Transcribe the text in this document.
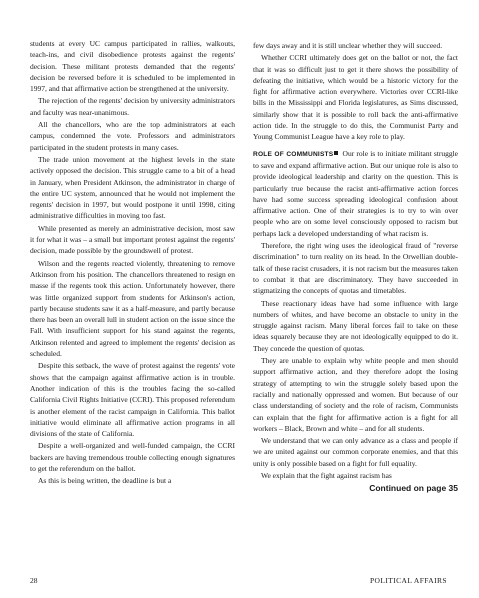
students at every UC campus participated in rallies, walkouts, teach-ins, and civil disobedience protests against the regents' decision. These militant protests demanded that the regents' decision be reversed before it is scheduled to be implemented in 1997, and that affirmative action be strengthened at the university.

The rejection of the regents' decision by university administrators and faculty was near-unanimous.

All the chancellors, who are the top administrators at each campus, condemned the vote. Professors and administrators participated in the student protests in many cases.

The trade union movement at the highest levels in the state actively opposed the decision. This struggle came to a bit of a head in January, when President Atkinson, the administrator in charge of the entire UC system, announced that he would not implement the regents' decision in 1997, but would postpone it until 1998, citing administrative difficulties in moving too fast.

While presented as merely an administrative decision, most saw it for what it was – a small but important protest against the regents' decision, made possible by the groundswell of protest.

Wilson and the regents reacted violently, threatening to remove Atkinson from his position. The chancellors threatened to resign en masse if the regents took this action. Unfortunately however, there was little organized support from students for Atkinson's action, partly because students saw it as a half-measure, and partly because there has been an overall lull in student action on the issue since the Fall. With insufficient support for his stand against the regents, Atkinson relented and agreed to implement the regents' decision as scheduled.

Despite this setback, the wave of protest against the regents' vote shows that the campaign against affirmative action is in trouble. Another indication of this is the troubles facing the so-called California Civil Rights Initiative (CCRI). This proposed referendum is another element of the racist campaign in California. This ballot initiative would eliminate all affirmative action programs in all divisions of the state of California.

Despite a well-organized and well-funded campaign, the CCRI backers are having tremendous trouble collecting enough signatures to get the referendum on the ballot.

As this is being written, the deadline is but a

few days away and it is still unclear whether they will succeed.

Whether CCRI ultimately does get on the ballot or not, the fact that it was so difficult just to get it there shows the possibility of defeating the initiative, which would be a historic victory for the fight for affirmative action everywhere. Victories over CCRI-like bills in the Mississippi and Florida legislatures, as Sims discussed, similarly show that it is possible to roll back the anti-affirmative action tide. In the struggle to do this, the Communist Party and Young Communist League have a key role to play.

ROLE OF COMMUNISTS Our role is to initiate militant struggle to save and expand affirmative action. But our unique role is also to provide ideological leadership and clarity on the question. This is particularly true because the racist anti-affirmative action forces have had some success spreading ideological confusion about affirmative action. One of their strategies is to try to win over people who are on some level consciously opposed to racism but perhaps lack a developed understanding of what racism is.

Therefore, the right wing uses the ideological fraud of "reverse discrimination" to turn reality on its head. In the Orwellian double-talk of these racist crusaders, it is not racism but the measures taken to combat it that are discriminatory. They have succeeded in stigmatizing the concepts of quotas and timetables.

These reactionary ideas have had some influence with large numbers of whites, and have become an obstacle to unity in the struggle against racism. Many liberal forces fail to take on these ideas squarely because they are not ideologically equipped to do it. They concede the question of quotas.

They are unable to explain why white people and men should support affirmative action, and they therefore adopt the losing strategy of attempting to win the struggle solely based upon the racially and nationally oppressed and women. But because of our class understanding of society and the role of racism, Communists can explain that the fight for affirmative action is a fight for all workers – Black, Brown and white – and for all students.

We understand that we can only advance as a class and people if we are united against our common corporate enemies, and that this unity is only possible based on a fight for full equality.

We explain that the fight against racism has

Continued on page 35
28	POLITICAL AFFAIRS
